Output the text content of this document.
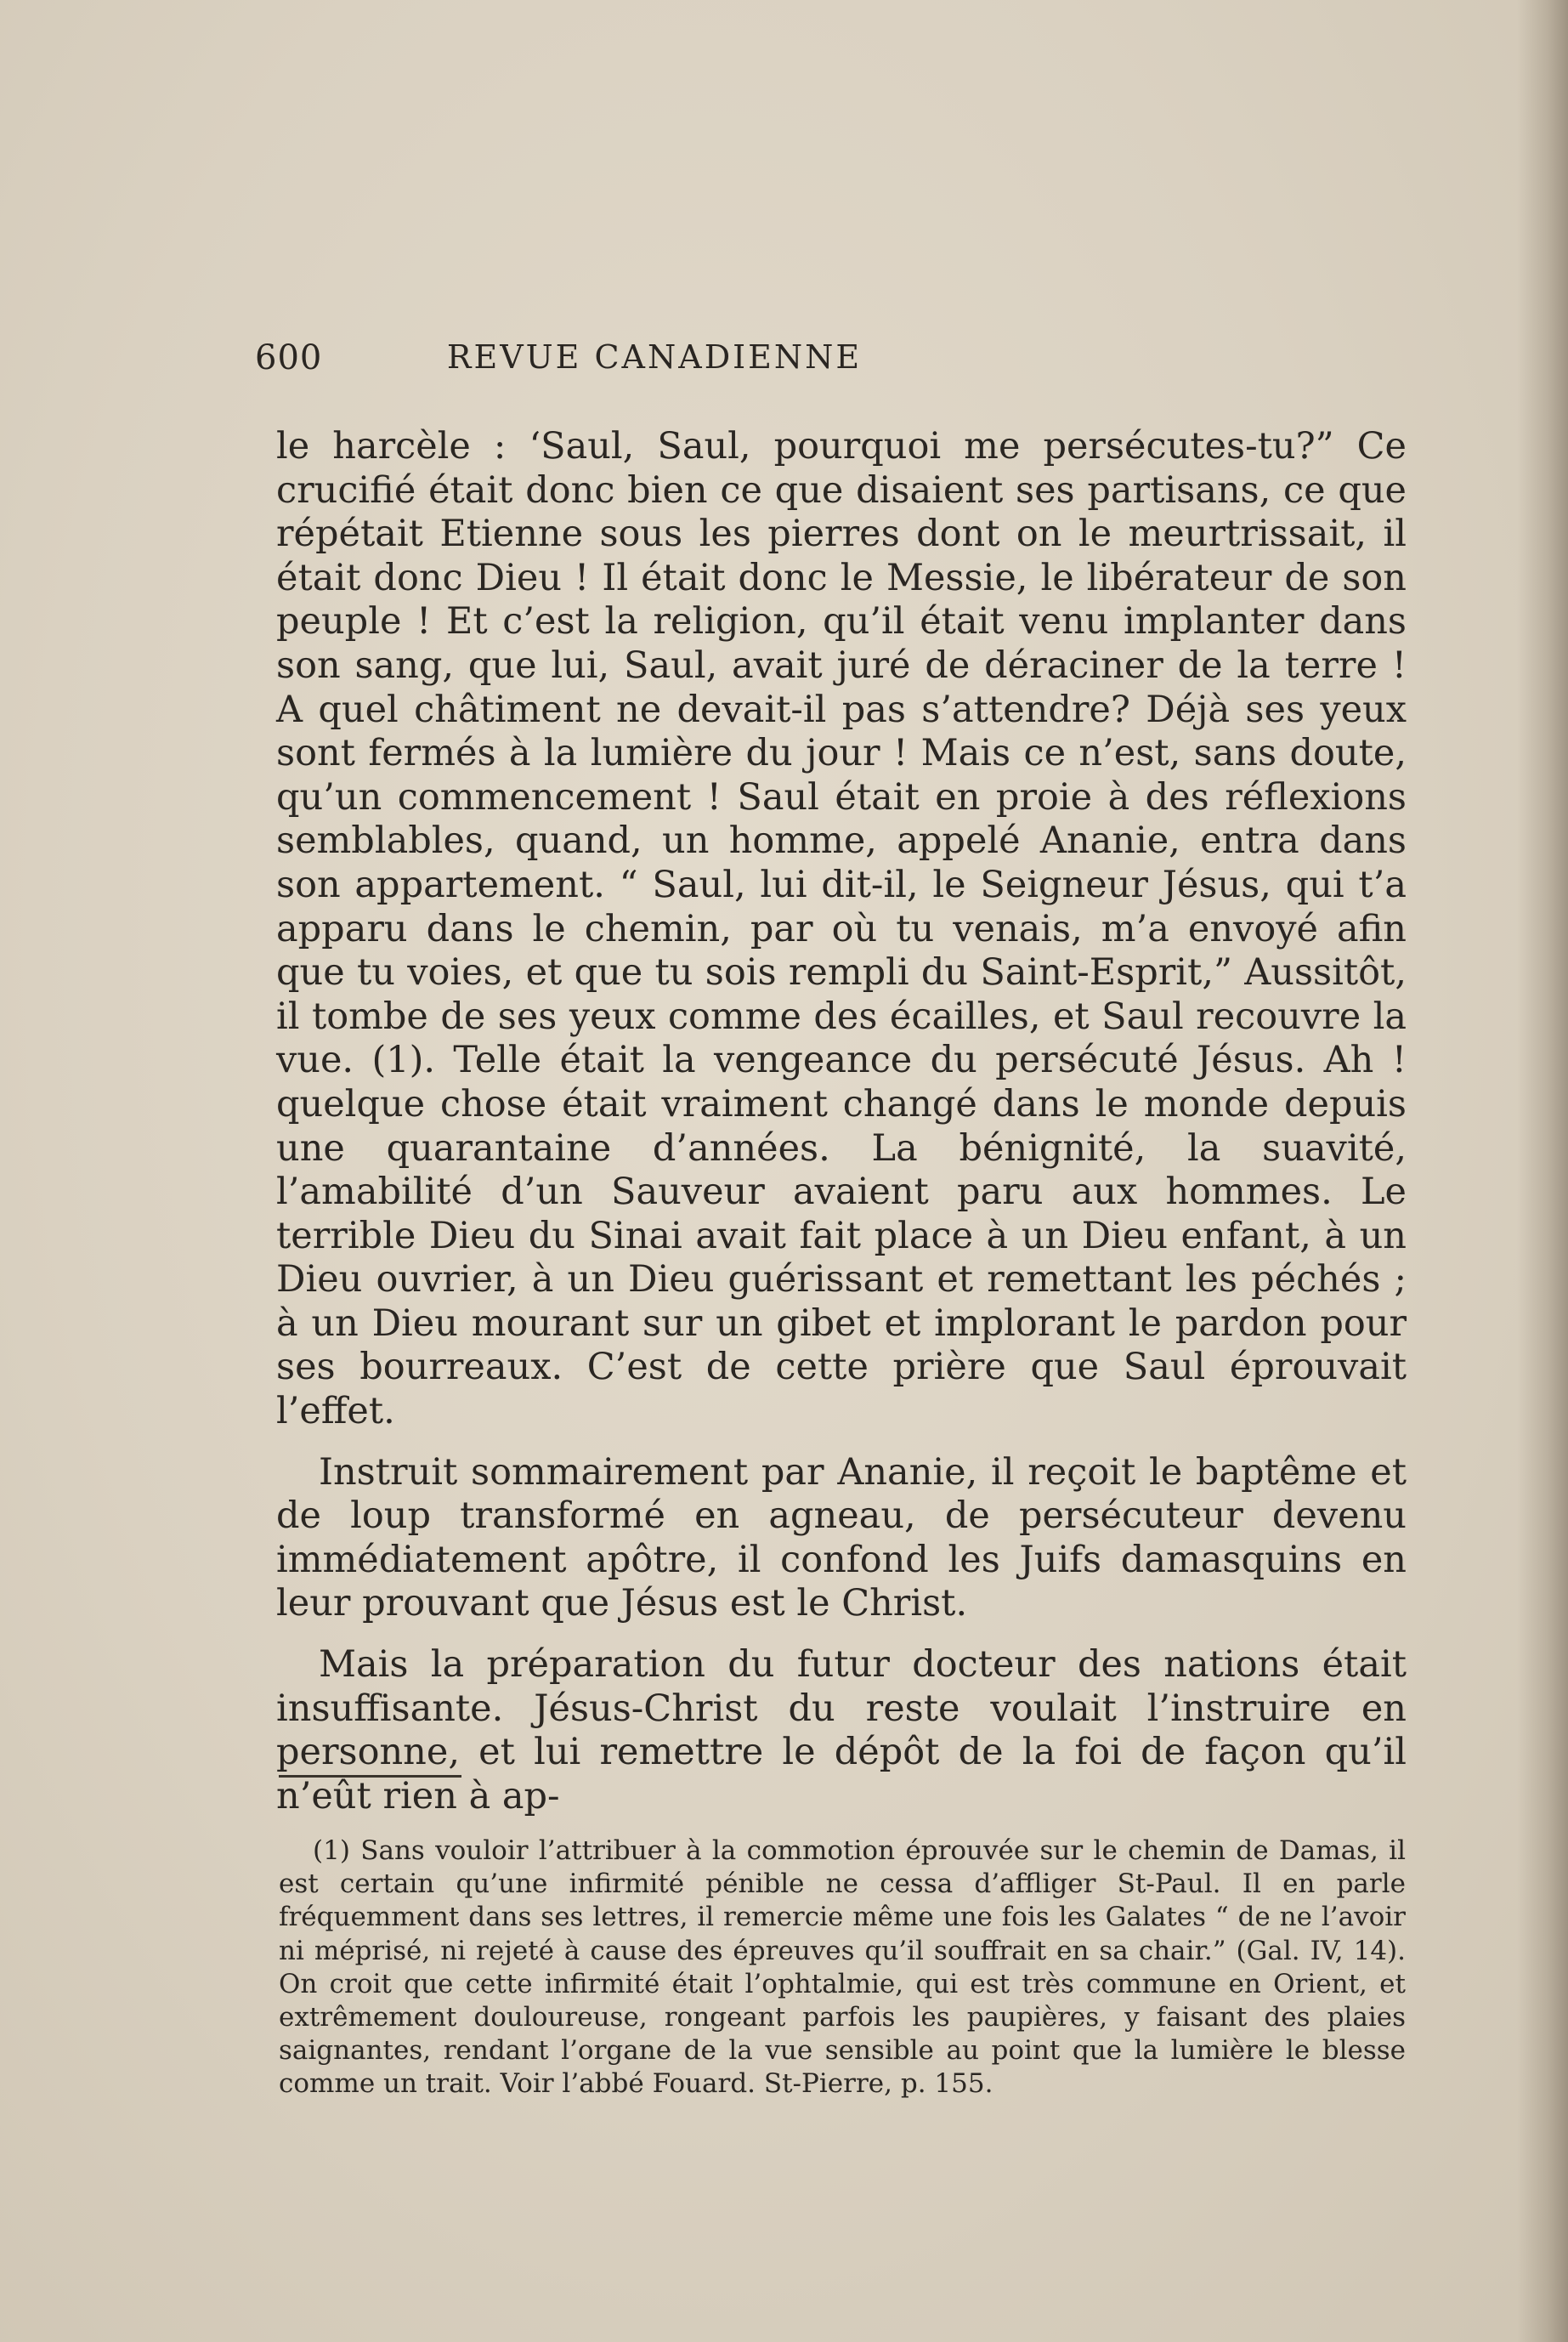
600	REVUE CANADIENNE

le harcèle : ‘Saul, Saul, pourquoi me persécutes-tu?” Ce crucifié était donc bien ce que disaient ses partisans, ce que répétait Etienne sous les pierres dont on le meurtrissait, il était donc Dieu ! Il était donc le Messie, le libérateur de son peuple ! Et c’est la religion, qu’il était venu implanter dans son sang, que lui, Saul, avait juré de déraciner de la terre ! A quel châtiment ne devait-il pas s’attendre? Déjà ses yeux sont fermés à la lumière du jour ! Mais ce n’est, sans doute, qu’un commencement ! Saul était en proie à des réflexions semblables, quand, un homme, appelé Ananie, entra dans son appartement. “ Saul, lui dit-il, le Seigneur Jésus, qui t’a apparu dans le chemin, par où tu venais, m’a envoyé afin que tu voies, et que tu sois rempli du Saint-Esprit,” Aussitôt, il tombe de ses yeux comme des écailles, et Saul recouvre la vue. (1). Telle était la vengeance du persécuté Jésus. Ah ! quelque chose était vraiment changé dans le monde depuis une quarantaine d’années. La bénignité, la suavité, l’amabilité d’un Sauveur avaient paru aux hommes. Le terrible Dieu du Sinai avait fait place à un Dieu enfant, à un Dieu ouvrier, à un Dieu guérissant et remettant les péchés ; à un Dieu mourant sur un gibet et implorant le pardon pour ses bourreaux. C’est de cette prière que Saul éprouvait l’effet.

Instruit sommairement par Ananie, il reçoit le baptême et de loup transformé en agneau, de persécuteur devenu immédiatement apôtre, il confond les Juifs damasquins en leur prouvant que Jésus est le Christ.

Mais la préparation du futur docteur des nations était insuffisante. Jésus-Christ du reste voulait l’instruire en personne, et lui remettre le dépôt de la foi de façon qu’il n’eût rien à ap-

(1) Sans vouloir l’attribuer à la commotion éprouvée sur le chemin de Damas, il est certain qu’une infirmité pénible ne cessa d’affliger St-Paul. Il en parle fréquemment dans ses lettres, il remercie même une fois les Galates “ de ne l’avoir ni méprisé, ni rejeté à cause des épreuves qu’il souffrait en sa chair.” (Gal. IV, 14). On croit que cette infirmité était l’ophtalmie, qui est très commune en Orient, et extrêmement douloureuse, rongeant parfois les paupières, y faisant des plaies saignantes, rendant l’organe de la vue sensible au point que la lumière le blesse comme un trait. Voir l’abbé Fouard. St-Pierre, p. 155.
